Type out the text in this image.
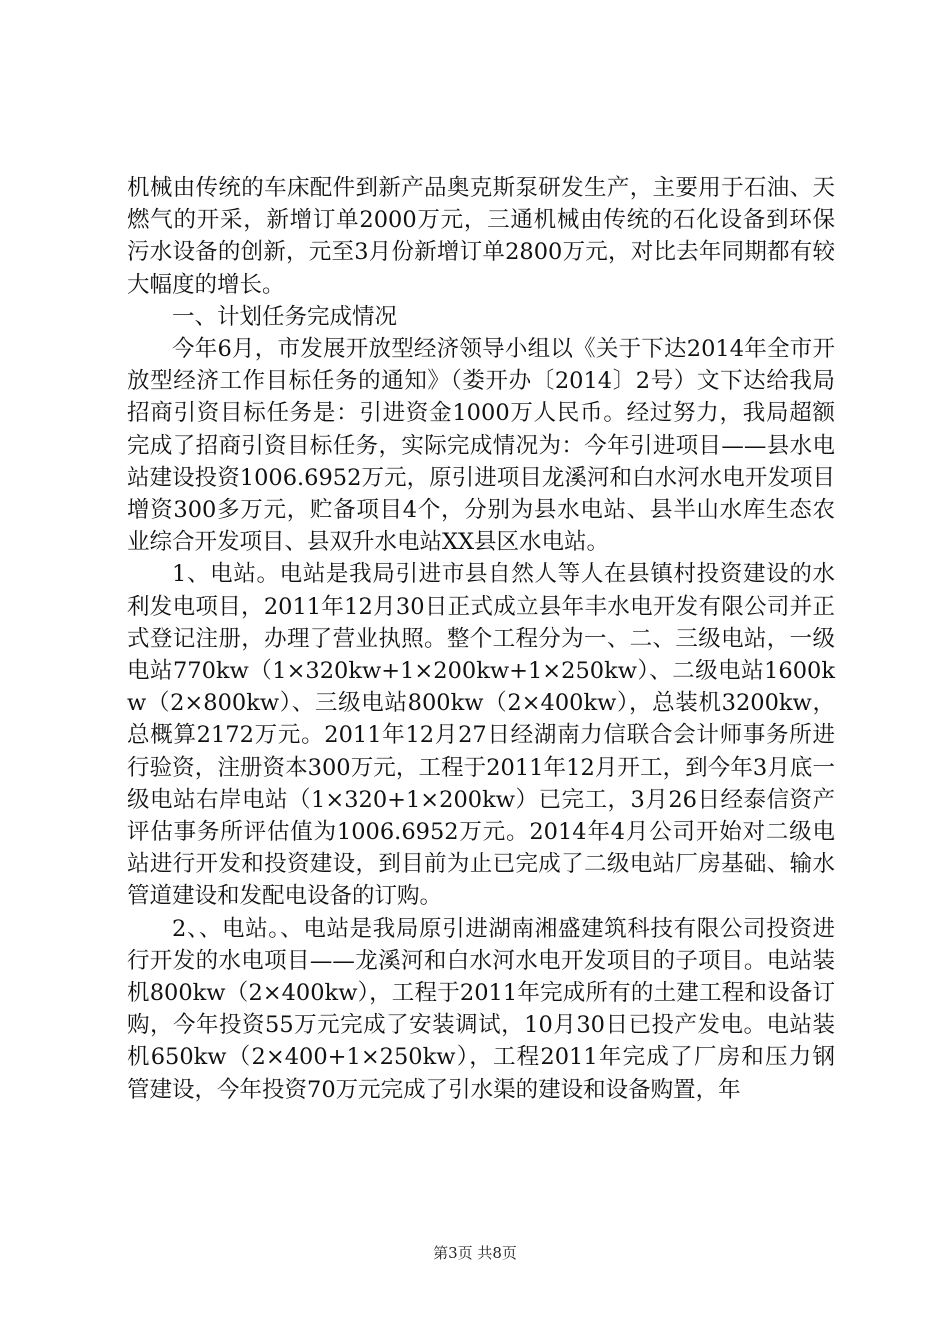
机械由传统的车床配件到新产品奥克斯泵研发生产，主要用于石油、天燃气的开采，新增订单2000万元，三通机械由传统的石化设备到环保污水设备的创新，元至3月份新增订单2800万元，对比去年同期都有较大幅度的增长。

一、计划任务完成情况

今年6月，市发展开放型经济领导小组以《关于下达2014年全市开放型经济工作目标任务的通知》（娄开办〔2014〕2号）文下达给我局招商引资目标任务是：引进资金1000万人民币。经过努力，我局超额完成了招商引资目标任务，实际完成情况为：今年引进项目——县水电站建设投资1006.6952万元，原引进项目龙溪河和白水河水电开发项目增资300多万元，贮备项目4个，分别为县水电站、县半山水库生态农业综合开发项目、县双升水电站XX县区水电站。

1、电站。电站是我局引进市县自然人等人在县镇村投资建设的水利发电项目，2011年12月30日正式成立县年丰水电开发有限公司并正式登记注册，办理了营业执照。整个工程分为一、二、三级电站，一级电站770kw（1×320kw+1×200kw+1×250kw）、二级电站1600kw（2×800kw）、三级电站800kw（2×400kw），总装机3200kw，总概算2172万元。2011年12月27日经湖南力信联合会计师事务所进行验资，注册资本300万元，工程于2011年12月开工，到今年3月底一级电站右岸电站（1×320+1×200kw）已完工，3月26日经泰信资产评估事务所评估值为1006.6952万元。2014年4月公司开始对二级电站进行开发和投资建设，到目前为止已完成了二级电站厂房基础、输水管道建设和发配电设备的订购。

2、、电站。、电站是我局原引进湖南湘盛建筑科技有限公司投资进行开发的水电项目——龙溪河和白水河水电开发项目的子项目。电站装机800kw（2×400kw），工程于2011年完成所有的土建工程和设备订购，今年投资55万元完成了安装调试，10月30日已投产发电。电站装机650kw（2×400+1×250kw），工程2011年完成了厂房和压力钢管建设，今年投资70万元完成了引水渠的建设和设备购置，年

第3页 共8页
